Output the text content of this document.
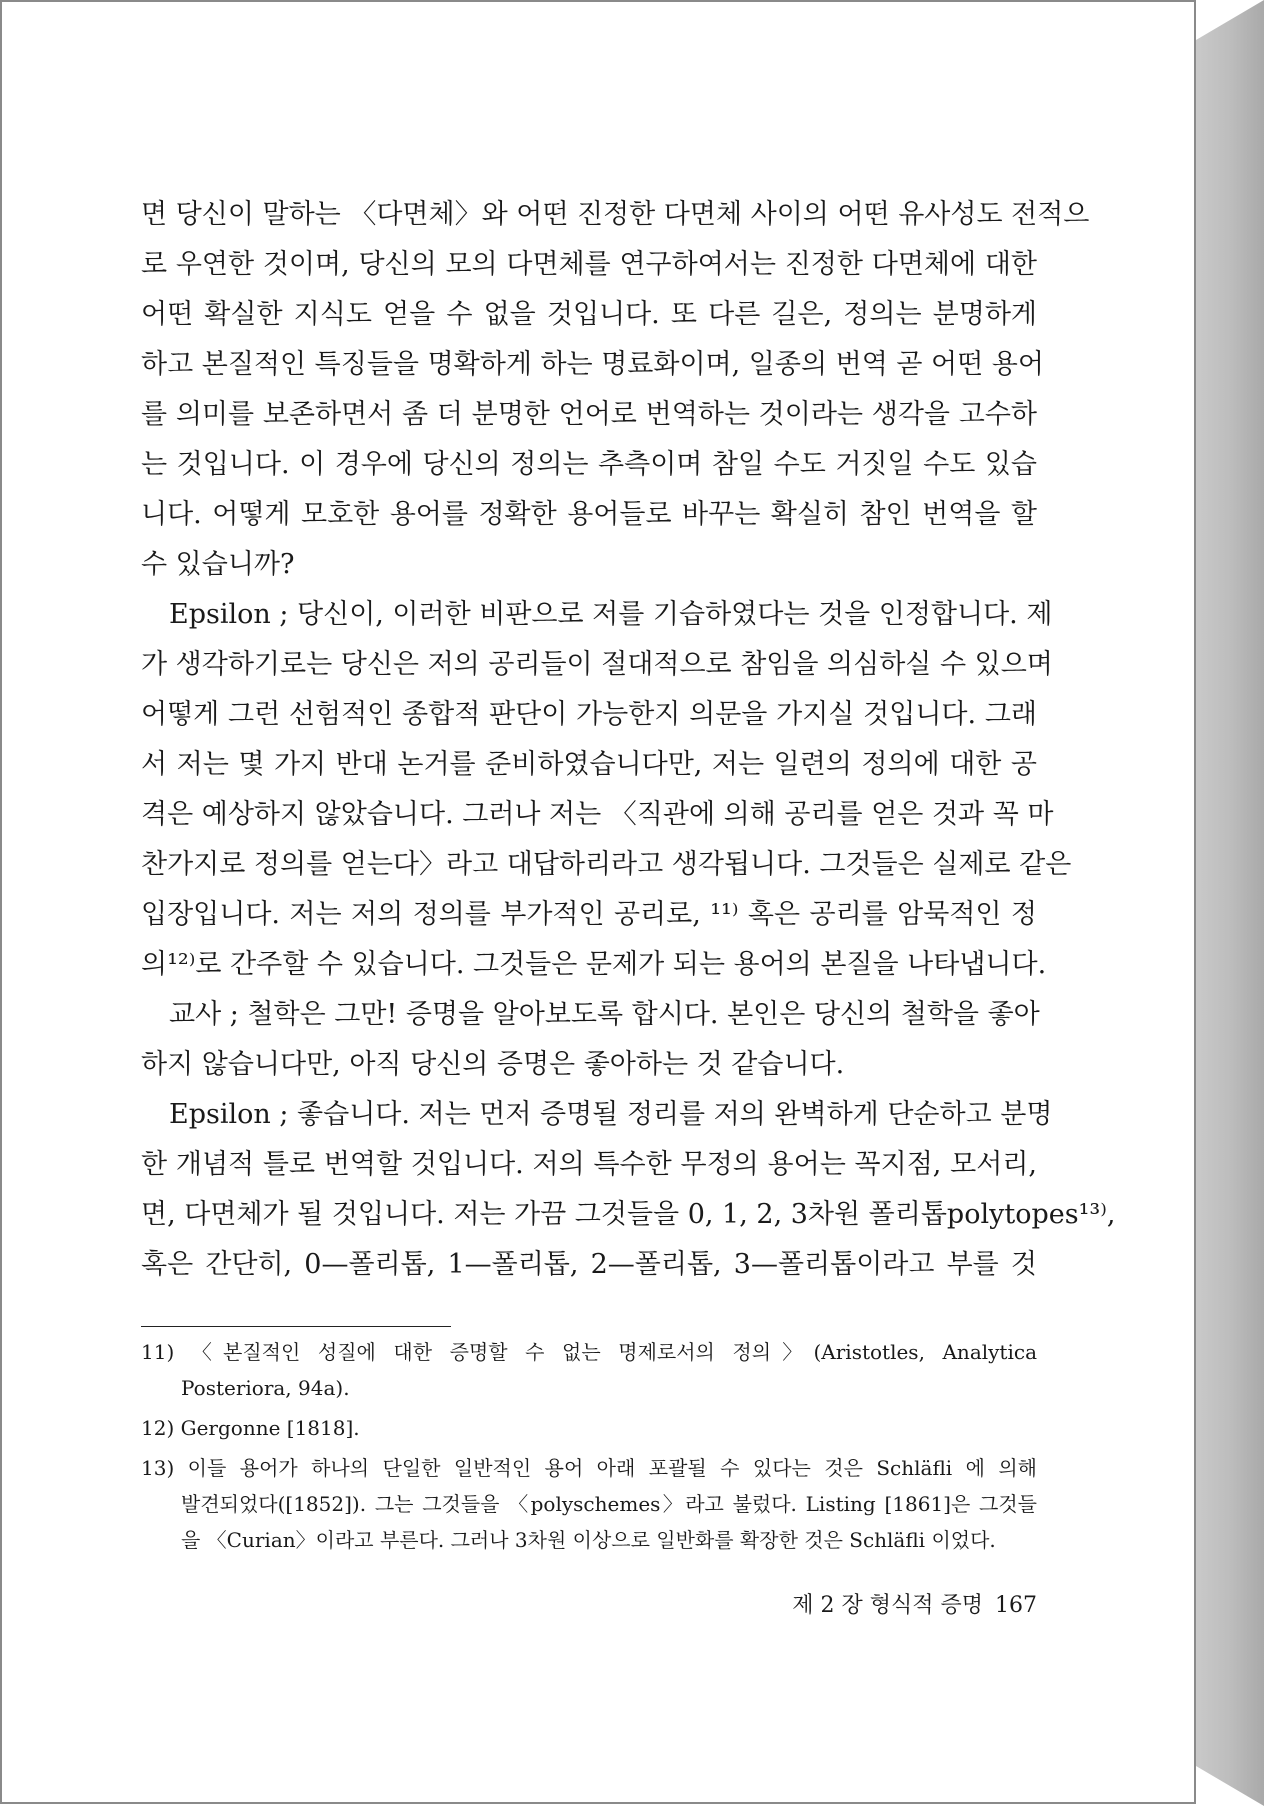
면 당신이 말하는 〈다면체〉와 어떤 진정한 다면체 사이의 어떤 유사성도 전적으
로 우연한 것이며, 당신의 모의 다면체를 연구하여서는 진정한 다면체에 대한
어떤 확실한 지식도 얻을 수 없을 것입니다. 또 다른 길은, 정의는 분명하게
하고 본질적인 특징들을 명확하게 하는 명료화이며, 일종의 번역 곧 어떤 용어
를 의미를 보존하면서 좀 더 분명한 언어로 번역하는 것이라는 생각을 고수하
는 것입니다. 이 경우에 당신의 정의는 추측이며 참일 수도 거짓일 수도 있습
니다. 어떻게 모호한 용어를 정확한 용어들로 바꾸는 확실히 참인 번역을 할
수 있습니까?
Epsilon ; 당신이, 이러한 비판으로 저를 기습하였다는 것을 인정합니다. 제
가 생각하기로는 당신은 저의 공리들이 절대적으로 참임을 의심하실 수 있으며
어떻게 그런 선험적인 종합적 판단이 가능한지 의문을 가지실 것입니다. 그래
서 저는 몇 가지 반대 논거를 준비하였습니다만, 저는 일련의 정의에 대한 공
격은 예상하지 않았습니다. 그러나 저는 〈직관에 의해 공리를 얻은 것과 꼭 마
찬가지로 정의를 얻는다〉라고 대답하리라고 생각됩니다. 그것들은 실제로 같은
입장입니다. 저는 저의 정의를 부가적인 공리로, ¹¹⁾ 혹은 공리를 암묵적인 정
의¹²⁾로 간주할 수 있습니다. 그것들은 문제가 되는 용어의 본질을 나타냅니다.
교사 ; 철학은 그만! 증명을 알아보도록 합시다. 본인은 당신의 철학을 좋아
하지 않습니다만, 아직 당신의 증명은 좋아하는 것 같습니다.
Epsilon ; 좋습니다. 저는 먼저 증명될 정리를 저의 완벽하게 단순하고 분명
한 개념적 틀로 번역할 것입니다. 저의 특수한 무정의 용어는 꼭지점, 모서리,
면, 다면체가 될 것입니다. 저는 가끔 그것들을 0, 1, 2, 3차원 폴리톱polytopes¹³⁾,
혹은 간단히, 0—폴리톱, 1—폴리톱, 2—폴리톱, 3—폴리톱이라고 부를 것
11) 〈본질적인 성질에 대한 증명할 수 없는 명제로서의 정의〉(Aristotles, Analytica
Posteriora, 94a).
12) Gergonne [1818].
13) 이들 용어가 하나의 단일한 일반적인 용어 아래 포괄될 수 있다는 것은 Schläfli 에 의해
발견되었다([1852]). 그는 그것들을 〈polyschemes〉라고 불렀다. Listing [1861]은 그것들
을 〈Curian〉이라고 부른다. 그러나 3차원 이상으로 일반화를 확장한 것은 Schläfli 이었다.
제 2 장 형식적 증명 167
